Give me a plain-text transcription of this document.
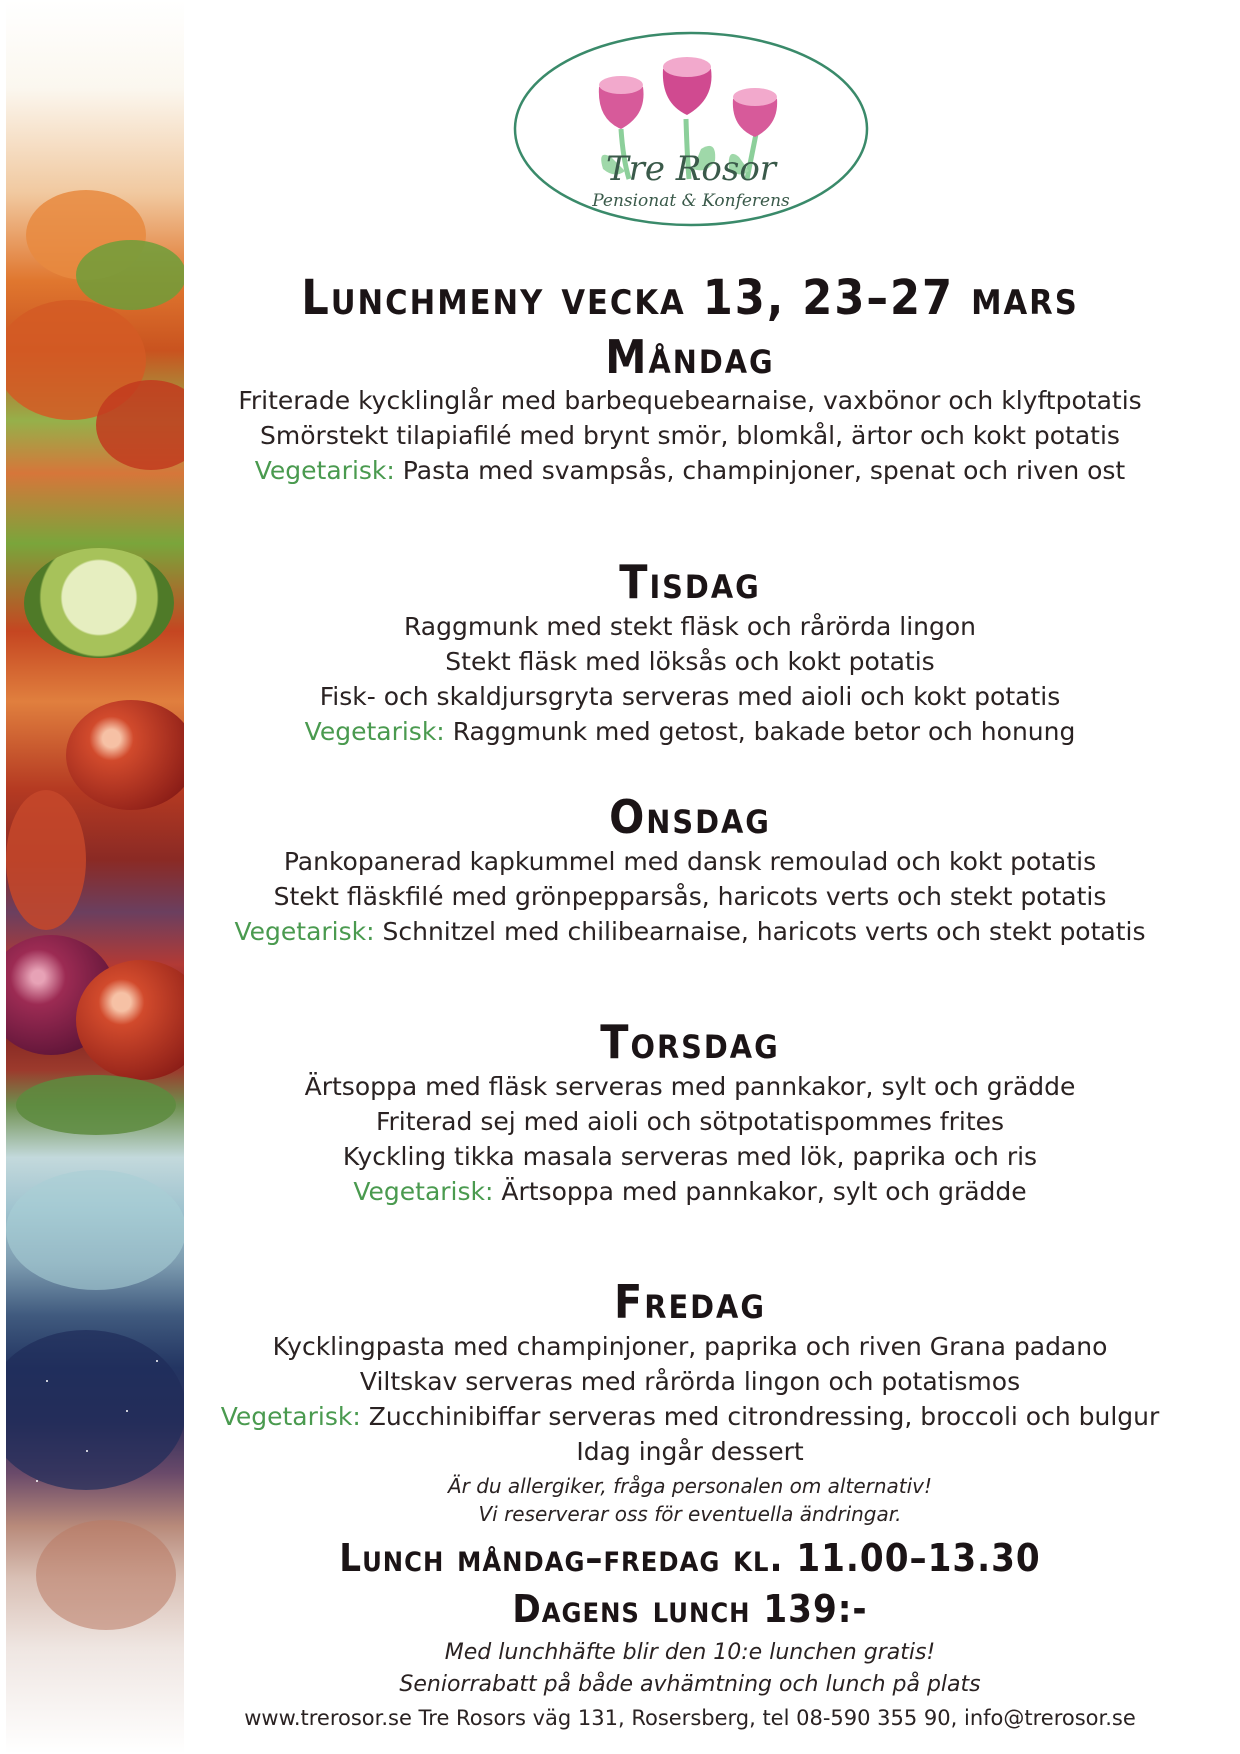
Tre Rosor
Pensionat & Konferens
Lunchmeny vecka 13, 23–27 mars
Måndag
Friterade kycklinglår med barbequebearnaise, vaxbönor och klyftpotatis
Smörstekt tilapiafilé med brynt smör, blomkål, ärtor och kokt potatis
Vegetarisk: Pasta med svampsås, champinjoner, spenat och riven ost
Tisdag
Raggmunk med stekt fläsk och rårörda lingon
Stekt fläsk med löksås och kokt potatis
Fisk- och skaldjursgryta serveras med aioli och kokt potatis
Vegetarisk: Raggmunk med getost, bakade betor och honung
Onsdag
Pankopanerad kapkummel med dansk remoulad och kokt potatis
Stekt fläskfilé med grönpepparsås, haricots verts och stekt potatis
Vegetarisk: Schnitzel med chilibearnaise, haricots verts och stekt potatis
Torsdag
Ärtsoppa med fläsk serveras med pannkakor, sylt och grädde
Friterad sej med aioli och sötpotatispommes frites
Kyckling tikka masala serveras med lök, paprika och ris
Vegetarisk: Ärtsoppa med pannkakor, sylt och grädde
Fredag
Kycklingpasta med champinjoner, paprika och riven Grana padano
Viltskav serveras med rårörda lingon och potatismos
Vegetarisk: Zucchinibiffar serveras med citrondressing, broccoli och bulgur
Idag ingår dessert
Är du allergiker, fråga personalen om alternativ!
Vi reserverar oss för eventuella ändringar.
Lunch måndag–fredag kl. 11.00–13.30
Dagens lunch 139:-
Med lunchhäfte blir den 10:e lunchen gratis!
Seniorrabatt på både avhämtning och lunch på plats
www.trerosor.se Tre Rosors väg 131, Rosersberg, tel 08-590 355 90, info@trerosor.se
